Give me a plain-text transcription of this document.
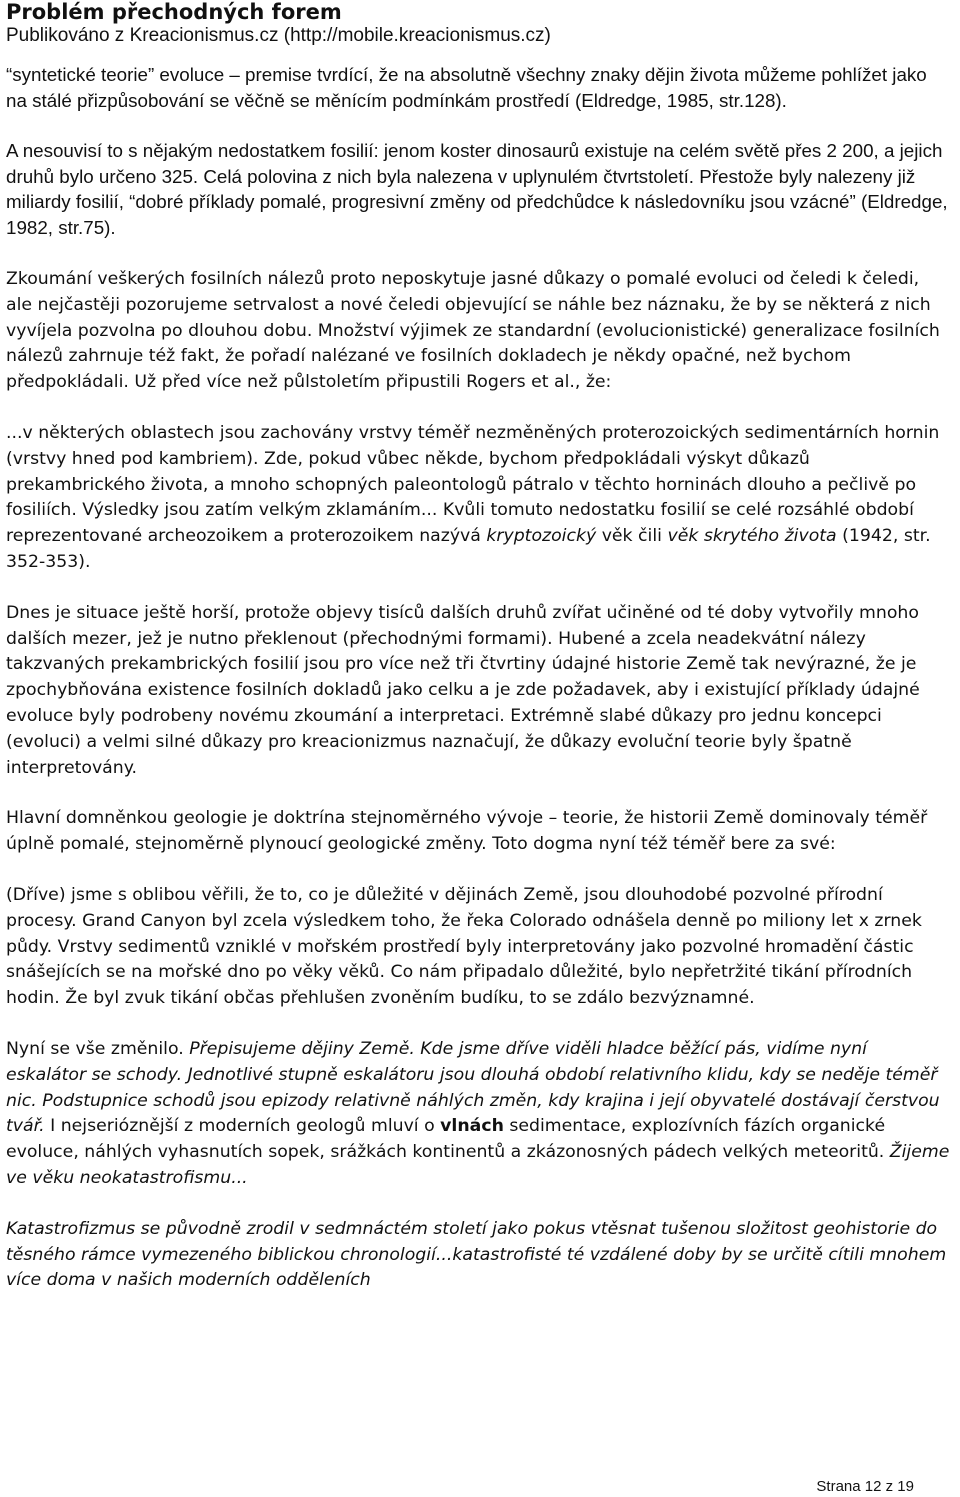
Problém přechodných forem
Publikováno z Kreacionismus.cz (http://mobile.kreacionismus.cz)

“syntetické teorie” evoluce – premise tvrdící, že na absolutně všechny znaky dějin života můžeme pohlížet jako na stálé přizpůsobování se věčně se měnícím podmínkám prostředí (Eldredge, 1985, str.128).

A nesouvisí to s nějakým nedostatkem fosilií: jenom koster dinosaurů existuje na celém světě přes 2 200, a jejich druhů bylo určeno 325. Celá polovina z nich byla nalezena v uplynulém čtvrtstoletí. Přestože byly nalezeny již miliardy fosilií, “dobré příklady pomalé, progresivní změny od předchůdce k následovníku jsou vzácné” (Eldredge, 1982, str.75).

Zkoumání veškerých fosilních nálezů proto neposkytuje jasné důkazy o pomalé evoluci od čeledi k čeledi, ale nejčastěji pozorujeme setrvalost a nové čeledi objevující se náhle bez náznaku, že by se některá z nich vyvíjela pozvolna po dlouhou dobu. Množství výjimek ze standardní (evolucionistické) generalizace fosilních nálezů zahrnuje též fakt, že pořadí nalézané ve fosilních dokladech je někdy opačné, než bychom předpokládali. Už před více než půlstoletím připustili Rogers et al., že:

...v některých oblastech jsou zachovány vrstvy téměř nezměněných proterozoických sedimentárních hornin (vrstvy hned pod kambriem). Zde, pokud vůbec někde, bychom předpokládali výskyt důkazů prekambrického života, a mnoho schopných paleontologů pátralo v těchto horninách dlouho a pečlivě po fosiliích. Výsledky jsou zatím velkým zklamáním... Kvůli tomuto nedostatku fosilií se celé rozsáhlé období reprezentované archeozoikem a proterozoikem nazývá kryptozoický věk čili věk skrytého života (1942, str. 352-353).

Dnes je situace ještě horší, protože objevy tisíců dalších druhů zvířat učiněné od té doby vytvořily mnoho dalších mezer, jež je nutno překlenout (přechodnými formami). Hubené a zcela neadekvátní nálezy takzvaných prekambrických fosilií jsou pro více než tři čtvrtiny údajné historie Země tak nevýrazné, že je zpochybňována existence fosilních dokladů jako celku a je zde požadavek, aby i existující příklady údajné evoluce byly podrobeny novému zkoumání a interpretaci. Extrémně slabé důkazy pro jednu koncepci (evoluci) a velmi silné důkazy pro kreacionizmus naznačují, že důkazy evoluční teorie byly špatně interpretovány.

Hlavní domněnkou geologie je doktrína stejnoměrného vývoje – teorie, že historii Země dominovaly téměř úplně pomalé, stejnoměrně plynoucí geologické změny. Toto dogma nyní též téměř bere za své:

(Dříve) jsme s oblibou věřili, že to, co je důležité v dějinách Země, jsou dlouhodobé pozvolné přírodní procesy. Grand Canyon byl zcela výsledkem toho, že řeka Colorado odnášela denně po miliony let x zrnek půdy. Vrstvy sedimentů vzniklé v mořském prostředí byly interpretovány jako pozvolné hromadění částic snášejících se na mořské dno po věky věků. Co nám připadalo důležité, bylo nepřetržité tikání přírodních hodin. Že byl zvuk tikání občas přehlušen zvoněním budíku, to se zdálo bezvýznamné.

Nyní se vše změnilo. Přepisujeme dějiny Země. Kde jsme dříve viděli hladce běžící pás, vidíme nyní eskalátor se schody. Jednotlivé stupně eskalátoru jsou dlouhá období relativního klidu, kdy se neděje téměř nic. Podstupnice schodů jsou epizody relativně náhlých změn, kdy krajina i její obyvatelé dostávají čerstvou tvář. I nejserióznější z moderních geologů mluví o vlnách sedimentace, explozívních fázích organické evoluce, náhlých vyhasnutích sopek, srážkách kontinentů a zkázonosných pádech velkých meteoritů. Žijeme ve věku neokatastrofismu...

Katastrofizmus se původně zrodil v sedmnáctém století jako pokus vtěsnat tušenou složitost geohistorie do těsného rámce vymezeného biblickou chronologií...katastrofisté té vzdálené doby by se určitě cítili mnohem více doma v našich moderních odděleních

Strana 12 z 19
